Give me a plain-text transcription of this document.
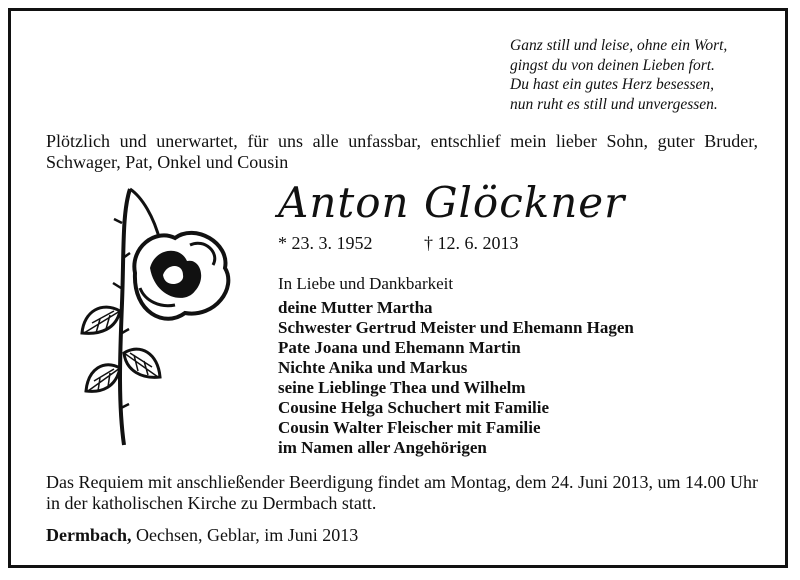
Ganz still und leise, ohne ein Wort,
gingst du von deinen Lieben fort.
Du hast ein gutes Herz besessen,
nun ruht es still und unvergessen.
Plötzlich und unerwartet, für uns alle unfassbar, entschlief mein lieber Sohn, guter Bruder, Schwager, Pat, Onkel und Cousin
Anton Glöckner
* 23. 3. 1952	† 12. 6. 2013
In Liebe und Dankbarkeit
deine Mutter Martha
Schwester Gertrud Meister und Ehemann Hagen
Pate Joana und Ehemann Martin
Nichte Anika und Markus
seine Lieblinge Thea und Wilhelm
Cousine Helga Schuchert mit Familie
Cousin Walter Fleischer mit Familie
im Namen aller Angehörigen
Das Requiem mit anschließender Beerdigung findet am Montag, dem 24. Juni 2013, um 14.00 Uhr in der katholischen Kirche zu Dermbach statt.
Dermbach, Oechsen, Geblar, im Juni 2013
